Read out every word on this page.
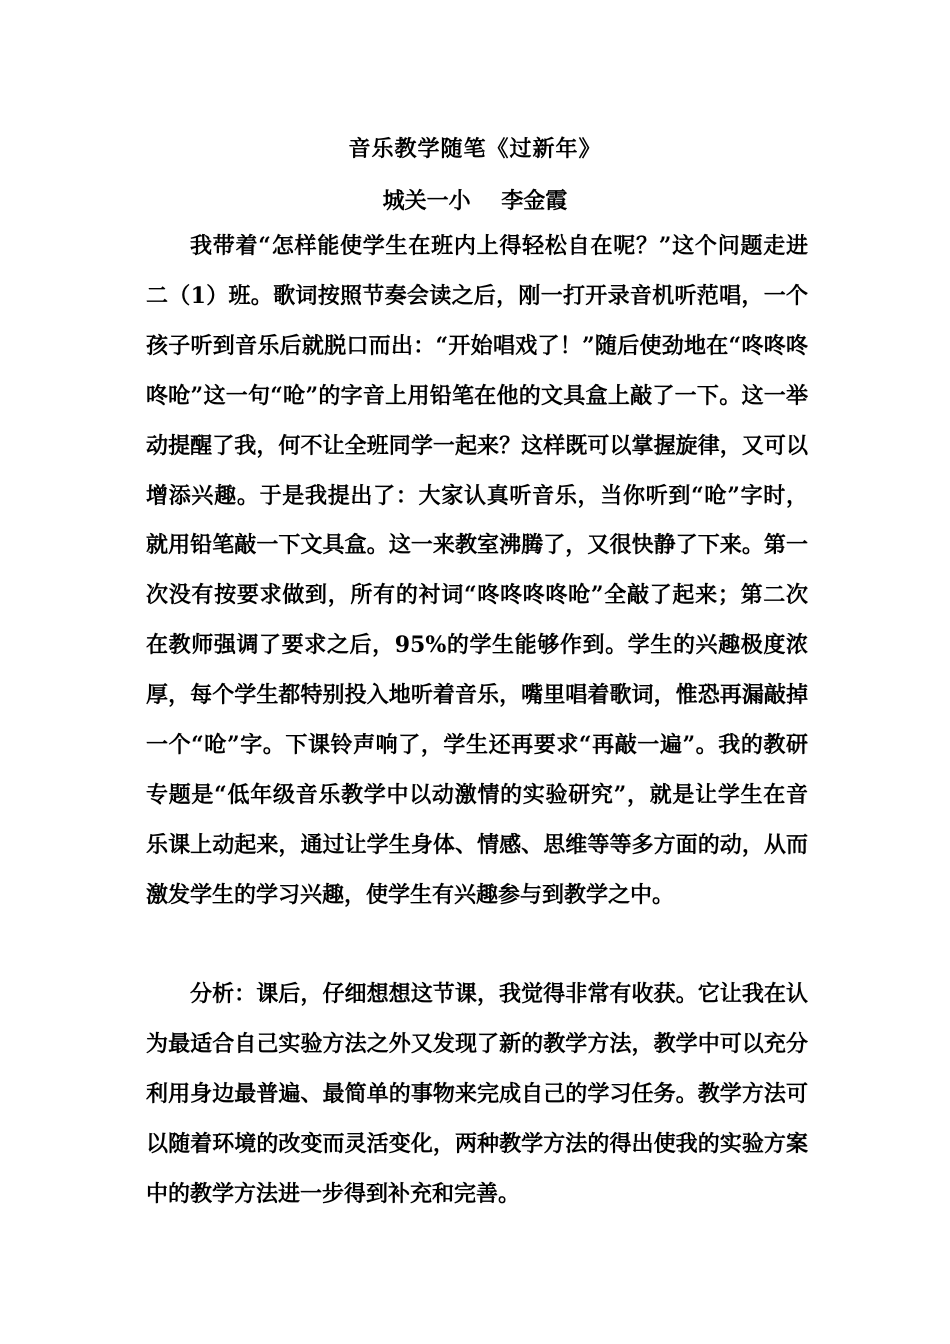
音乐教学随笔《过新年》
城关一小    李金霞

我带着“怎样能使学生在班内上得轻松自在呢？”这个问题走进二（1）班。歌词按照节奏会读之后，刚一打开录音机听范唱，一个孩子听到音乐后就脱口而出：“开始唱戏了！”随后使劲地在“咚咚咚咚呛”这一句“呛”的字音上用铅笔在他的文具盒上敲了一下。这一举动提醒了我，何不让全班同学一起来？这样既可以掌握旋律，又可以增添兴趣。于是我提出了：大家认真听音乐，当你听到“呛”字时，就用铅笔敲一下文具盒。这一来教室沸腾了，又很快静了下来。第一次没有按要求做到，所有的衬词“咚咚咚咚呛”全敲了起来；第二次在教师强调了要求之后，95%的学生能够作到。学生的兴趣极度浓厚，每个学生都特别投入地听着音乐，嘴里唱着歌词，惟恐再漏敲掉一个“呛”字。下课铃声响了，学生还再要求“再敲一遍”。我的教研专题是“低年级音乐教学中以动激情的实验研究”，就是让学生在音乐课上动起来，通过让学生身体、情感、思维等等多方面的动，从而激发学生的学习兴趣，使学生有兴趣参与到教学之中。

分析：课后，仔细想想这节课，我觉得非常有收获。它让我在认为最适合自己实验方法之外又发现了新的教学方法，教学中可以充分利用身边最普遍、最简单的事物来完成自己的学习任务。教学方法可以随着环境的改变而灵活变化，两种教学方法的得出使我的实验方案中的教学方法进一步得到补充和完善。
